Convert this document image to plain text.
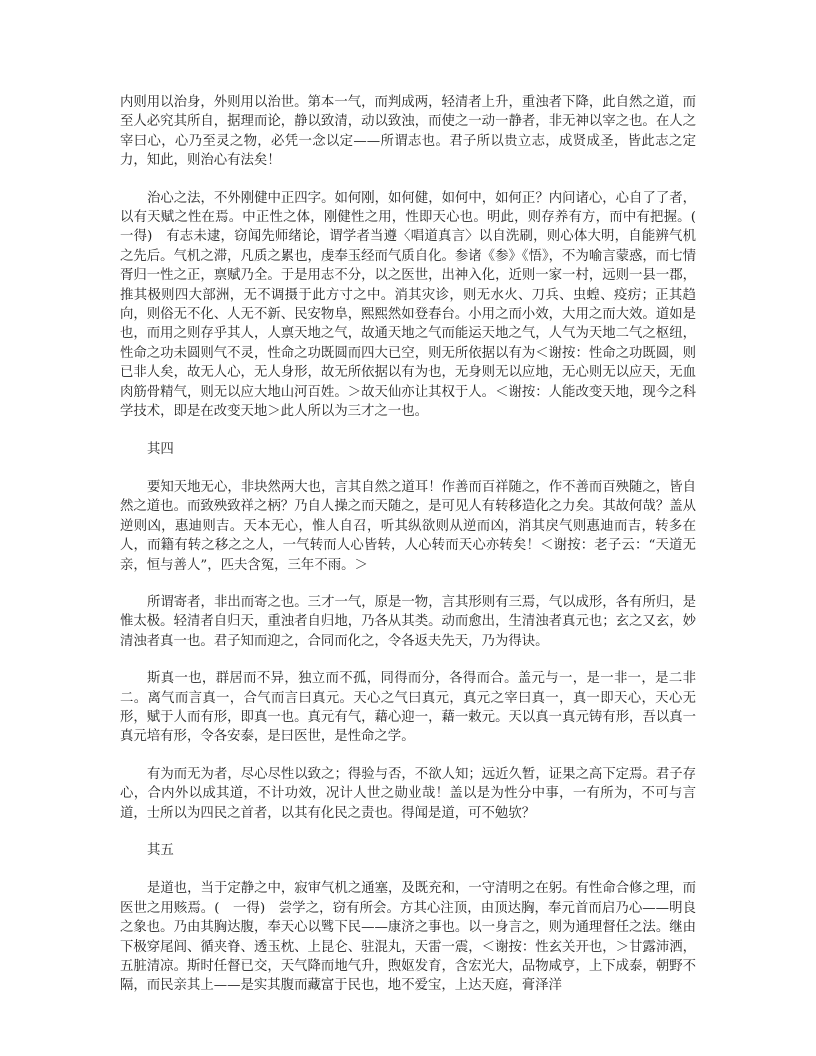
内则用以治身，外则用以治世。第本一气，而判成两，轻清者上升，重浊者下降，此自然之道，而至人必究其所自，据理而论，静以致清，动以致浊，而使之一动一静者，非无神以宰之也。在人之宰曰心，心乃至灵之物，必凭一念以定——所谓志也。君子所以贵立志，成贤成圣，皆此志之定力，知此，则治心有法矣！

治心之法，不外刚健中正四字。如何刚，如何健，如何中，如何正？内问诸心，心自了了者，以有天赋之性在焉。中正性之体，刚健性之用，性即天心也。明此，则存养有方，而中有把握。(　一得)　有志未逮，窃闻先师绪论，谓学者当遵〈唱道真言〉以自洗刷，则心体大明，自能辨气机之先后。气机之滞，凡质之累也，虔奉玉经而气质自化。参诸《参》《悟》，不为喻言蒙惑，而七情胥归一性之正，禀赋乃全。于是用志不分，以之医世，出神入化，近则一家一村，远则一县一郡，推其极则四大部洲，无不调摄于此方寸之中。消其灾诊，则无水火、刀兵、虫蝗、疫疠；正其趋向，则俗无不化、人无不新、民安物阜，熙熙然如登春台。小用之而小效，大用之而大效。道如是也，而用之则存乎其人，人禀天地之气，故通天地之气而能运天地之气，人气为天地二气之枢纽，性命之功未圆则气不灵，性命之功既圆而四大已空，则无所依据以有为＜谢按：性命之功既圆，则已非人矣，故无人心，无人身形，故无所依据以有为也，无身则无以应地，无心则无以应天，无血肉筋骨精气，则无以应大地山河百姓。＞故天仙亦让其权于人。＜谢按：人能改变天地，现今之科学技术，即是在改变天地＞此人所以为三才之一也。

其四

要知天地无心，非块然两大也，言其自然之道耳！作善而百祥随之，作不善而百殃随之，皆自然之道也。而致殃致祥之柄？乃自人操之而天随之，是可见人有转移造化之力矣。其故何哉？盖从逆则凶，惠迪则吉。天本无心，惟人自召，听其纵欲则从逆而凶，消其戾气则惠迪而吉，转多在人，而籍有转之移之之人，一气转而人心皆转，人心转而天心亦转矣！＜谢按：老子云：“天道无亲，恒与善人”，匹夫含冤，三年不雨。＞

所谓寄者，非出而寄之也。三才一气，原是一物，言其形则有三焉，气以成形，各有所归，是惟太极。轻清者自归天，重浊者自归地，乃各从其类。动而愈出，生清浊者真元也；玄之又玄，妙清浊者真一也。君子知而迎之，合同而化之，令各返夫先天，乃为得诀。

斯真一也，群居而不异，独立而不孤，同得而分，各得而合。盖元与一，是一非一，是二非二。离气而言真一，合气而言曰真元。天心之气曰真元，真元之宰曰真一，真一即天心，天心无形，赋于人而有形，即真一也。真元有气，藉心迎一，藉一敕元。天以真一真元铸有形，吾以真一真元培有形，令各安泰，是曰医世，是性命之学。

有为而无为者，尽心尽性以致之；得验与否，不欲人知；远近久暂，证果之高下定焉。君子存心，合内外以成其道，不计功效，况计人世之勋业哉！盖以是为性分中事，一有所为，不可与言道，士所以为四民之首者，以其有化民之责也。得闻是道，可不勉欤？

其五

是道也，当于定静之中，寂审气机之通塞，及既充和，一守清明之在躬。有性命合修之理，而医世之用赅焉。(　一得)　尝学之，窃有所会。方其心注顶，由顶达胸，奉元首而启乃心——明良之象也。乃由其胸达腹，奉天心以骘下民——康济之事也。以一身言之，则为通理督任之法。继由下极穿尾闾、循夹脊、透玉枕、上昆仑、驻混丸，天雷一震，＜谢按：性玄关开也，＞甘露沛洒，五脏清凉。斯时任督已交，天气降而地气升，煦妪发育，含宏光大，品物咸亨，上下成泰，朝野不隔，而民亲其上——是实其腹而藏富于民也，地不爱宝，上达天庭，膏泽洋
